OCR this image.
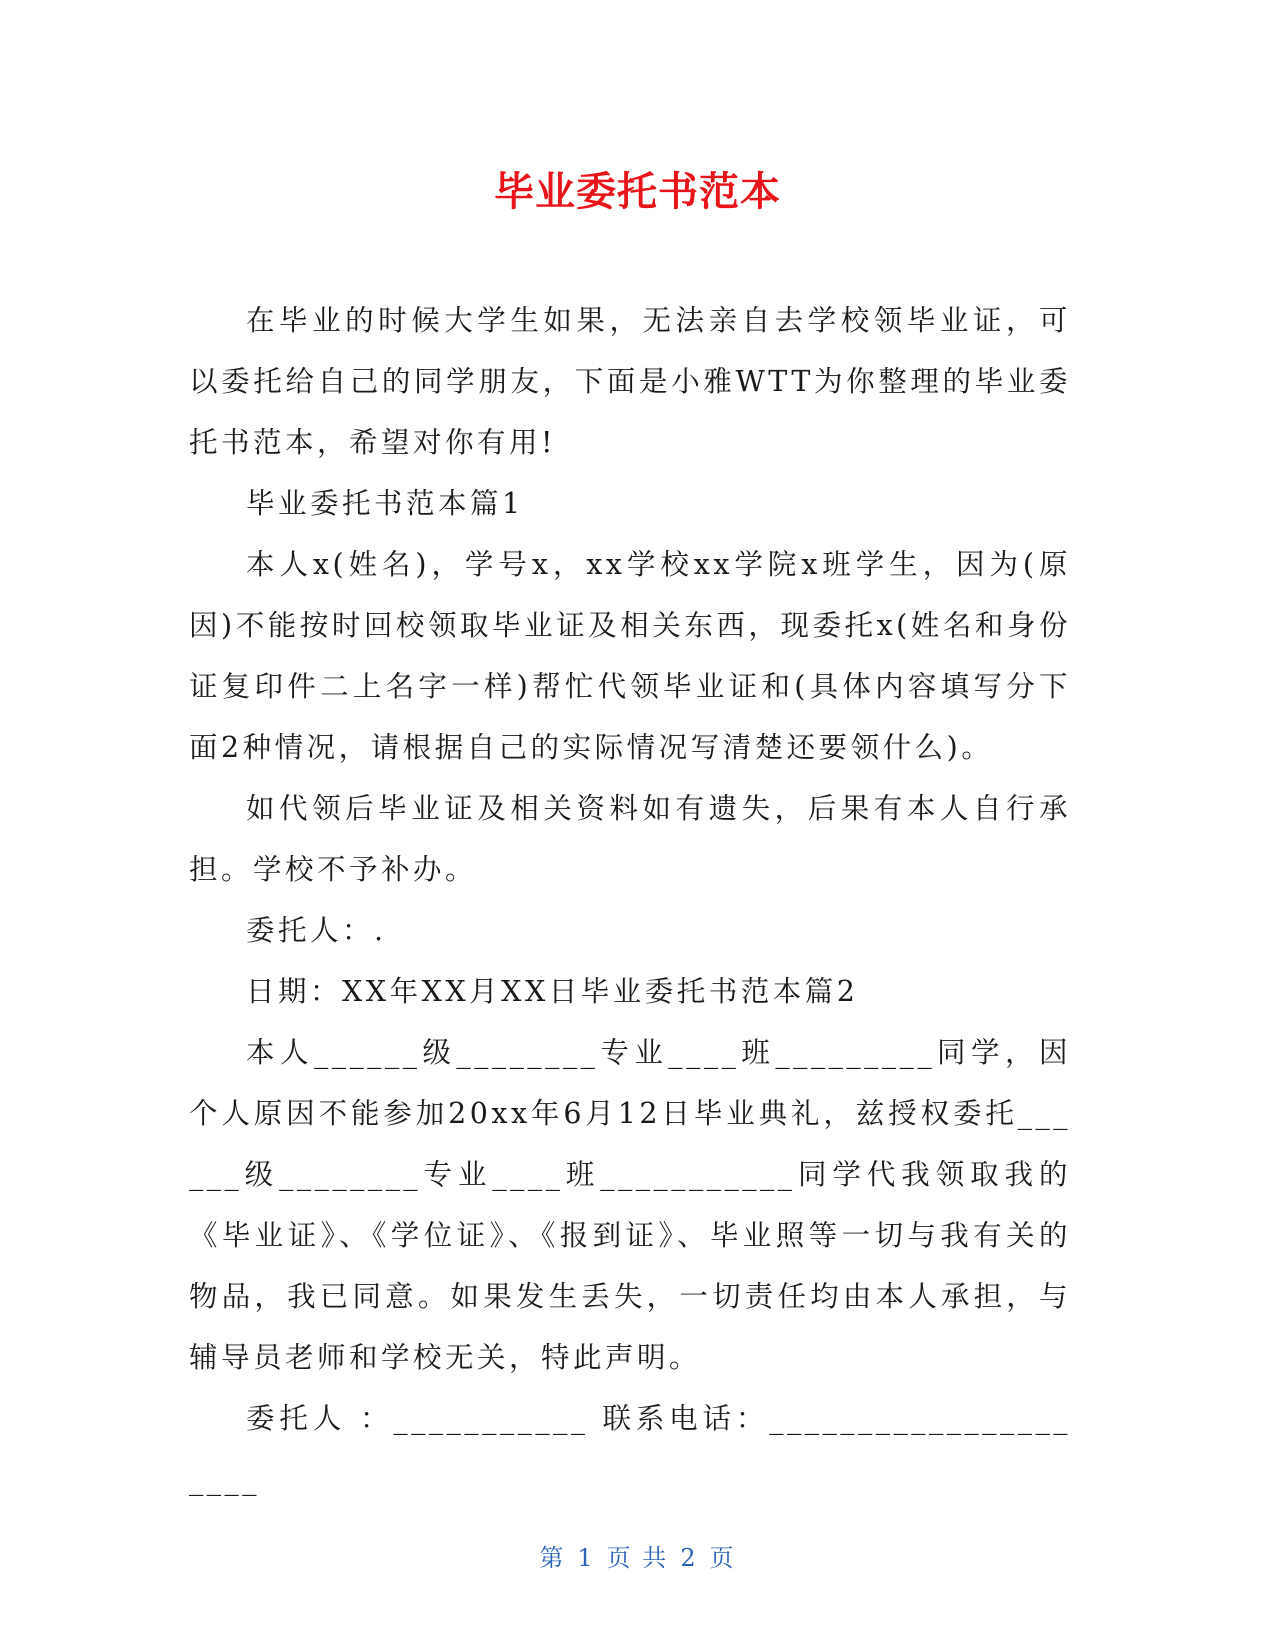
毕业委托书范本

在毕业的时候大学生如果，无法亲自去学校领毕业证，可以委托给自己的同学朋友，下面是小雅WTT为你整理的毕业委托书范本，希望对你有用!

毕业委托书范本篇1

本人x(姓名)，学号x，xx学校xx学院x班学生，因为(原因)不能按时回校领取毕业证及相关东西，现委托x(姓名和身份证复印件二上名字一样)帮忙代领毕业证和(具体内容填写分下面2种情况，请根据自己的实际情况写清楚还要领什么)。

如代领后毕业证及相关资料如有遗失，后果有本人自行承担。学校不予补办。

委托人：.

日期：XX年XX月XX日毕业委托书范本篇2

本人______级________专业____班_________同学，因个人原因不能参加20xx年6月12日毕业典礼，兹授权委托______级________专业____班___________同学代我领取我的《毕业证》、《学位证》、《报到证》、毕业照等一切与我有关的物品，我已同意。如果发生丢失，一切责任均由本人承担，与辅导员老师和学校无关，特此声明。

委托人 ：___________ 联系电话：_____________________

第 1 页 共 2 页
